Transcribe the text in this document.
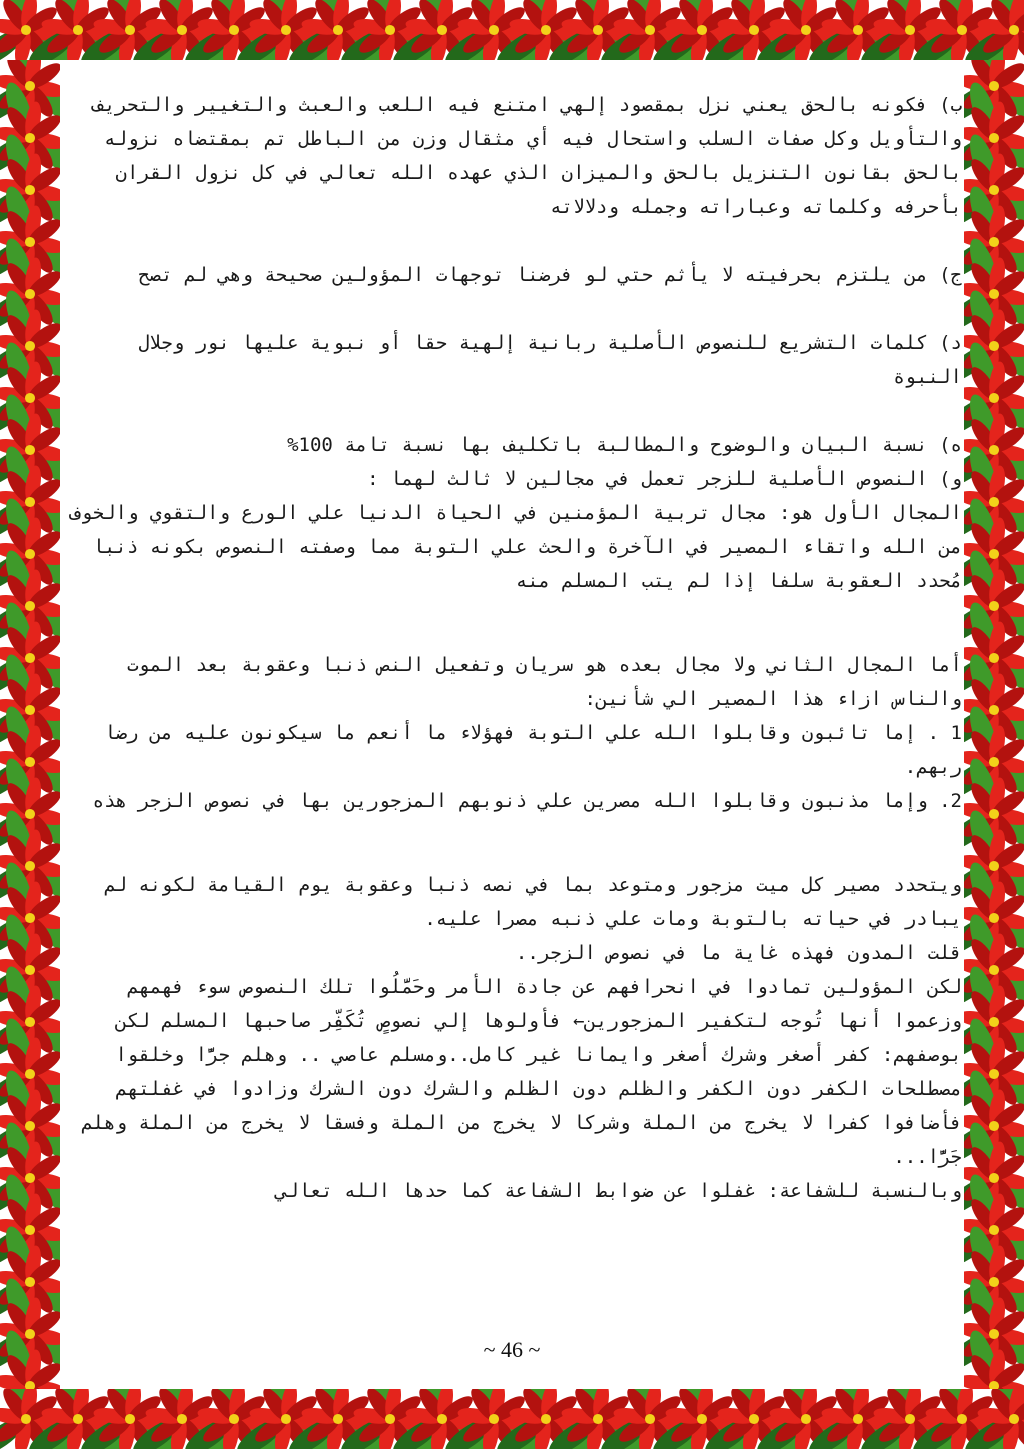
ب) فكونه بالحق يعني نزل بمقصود إلهي امتنع فيه اللعب والعبث والتغيير والتحريف والتأويل وكل صفات السلب واستحال فيه أي مثقال وزن من الباطل تم بمقتضاه نزوله بالحق بقانون التنزيل بالحق والميزان الذي عهده الله تعالي في كل نزول القران بأحرفه وكلماته وعباراته وجمله ودلالاته

ج) من يلتزم بحرفيته لا يأثم حتي لو فرضنا توجهات المؤولين صحيحة وهي لم تصح

د) كلمات التشريع للنصوص الأصلية ربانية إلهية حقا أو نبوية عليها نور وجلال النبوة

ه) نسبة البيان والوضوح والمطالبة باتكليف بها نسبة تامة 100%

و) النصوص الأصلية للزجر تعمل في مجالين لا ثالث لهما :

المجال الأول هو: مجال تربية المؤمنين في الحياة الدنيا علي الورع والتقوي والخوف من الله واتقاء المصير في الآخرة والحث علي التوبة مما وصفته النصوص بكونه ذنبا مُحدد العقوبة سلفا إذا لم يتب المسلم منه

أما المجال الثاني ولا مجال بعده هو سريان وتفعيل النص ذنبا وعقوبة بعد الموت والناس ازاء هذا المصير الي شأنين:

1 . إما تائبون وقابلوا الله علي التوبة فهؤلاء ما أنعم ما سيكونون عليه من رضا ربهم.

2. وإما مذنبون وقابلوا الله مصرين علي ذنوبهم المزجورين بها في نصوص الزجر هذه

ويتحدد مصير كل ميت مزجور ومتوعد بما في نصه ذنبا وعقوبة يوم القيامة لكونه لم يبادر في حياته بالتوبة ومات علي ذنبه مصرا عليه.

قلت المدون فهذه غاية ما في نصوص الزجر..

لكن المؤولين تمادوا في انحرافهم عن جادة الأمر وحَمَّلُوا تلك النصوص سوء فهمهم وزعموا أنها تُوجه لتكفير المزجورين← فأولوها إلي نصوصٍ تُكَفِّر صاحبها المسلم لكن بوصفهم: كفر أصغر وشرك أصغر وايمانا غير كامل..ومسلم عاصي .. وهلم جرًّا وخلقوا مصطلحات الكفر دون الكفر والظلم دون الظلم والشرك دون الشرك وزادوا في غفلتهم فأضافوا كفرا لا يخرج من الملة وشركا لا يخرج من الملة وفسقا لا يخرج من الملة وهلم جَرًّا...

وبالنسبة للشفاعة: غفلوا عن ضوابط الشفاعة كما حدها الله تعالي

~ 46 ~
